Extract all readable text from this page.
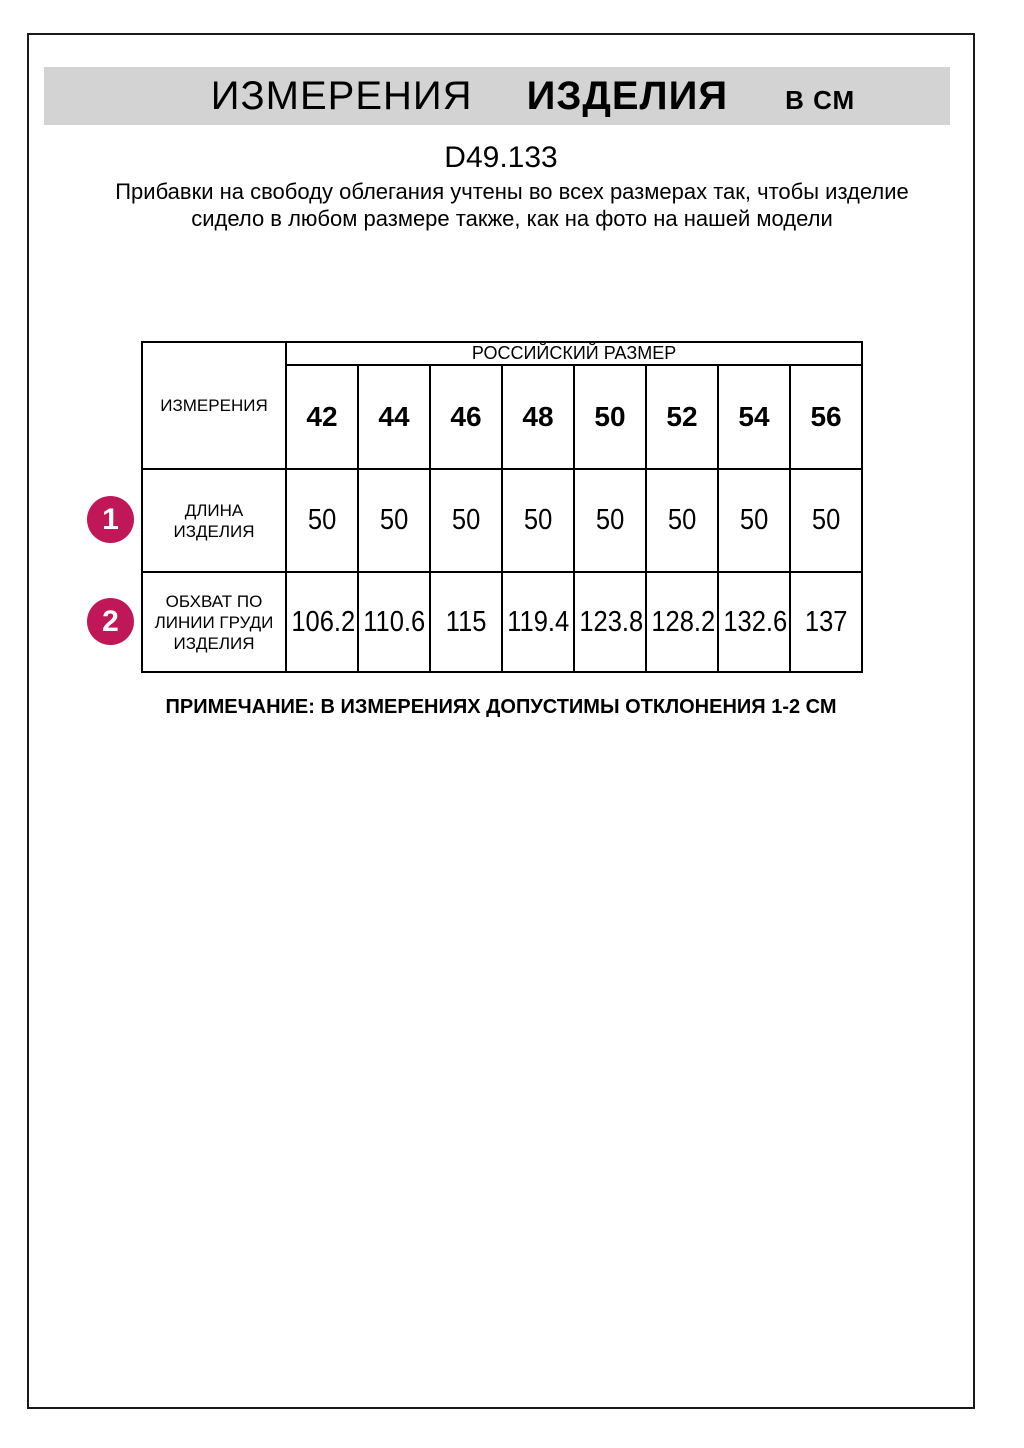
ИЗМЕРЕНИЯ ИЗДЕЛИЯ В СМ
D49.133
Прибавки на свободу облегания учтены во всех размерах так, чтобы изделие сидело в любом размере также, как на фото на нашей модели
ИЗМЕРЕНИЯ	РОССИЙСКИЙ РАЗМЕР							
	42	44	46	48	50	52	54	56
ДЛИНА ИЗДЕЛИЯ	50	50	50	50	50	50	50	50
ОБХВАТ ПО ЛИНИИ ГРУДИ ИЗДЕЛИЯ	106.2	110.6	115	119.4	123.8	128.2	132.6	137
1
2
ПРИМЕЧАНИЕ: В ИЗМЕРЕНИЯХ ДОПУСТИМЫ ОТКЛОНЕНИЯ 1-2 СМ
